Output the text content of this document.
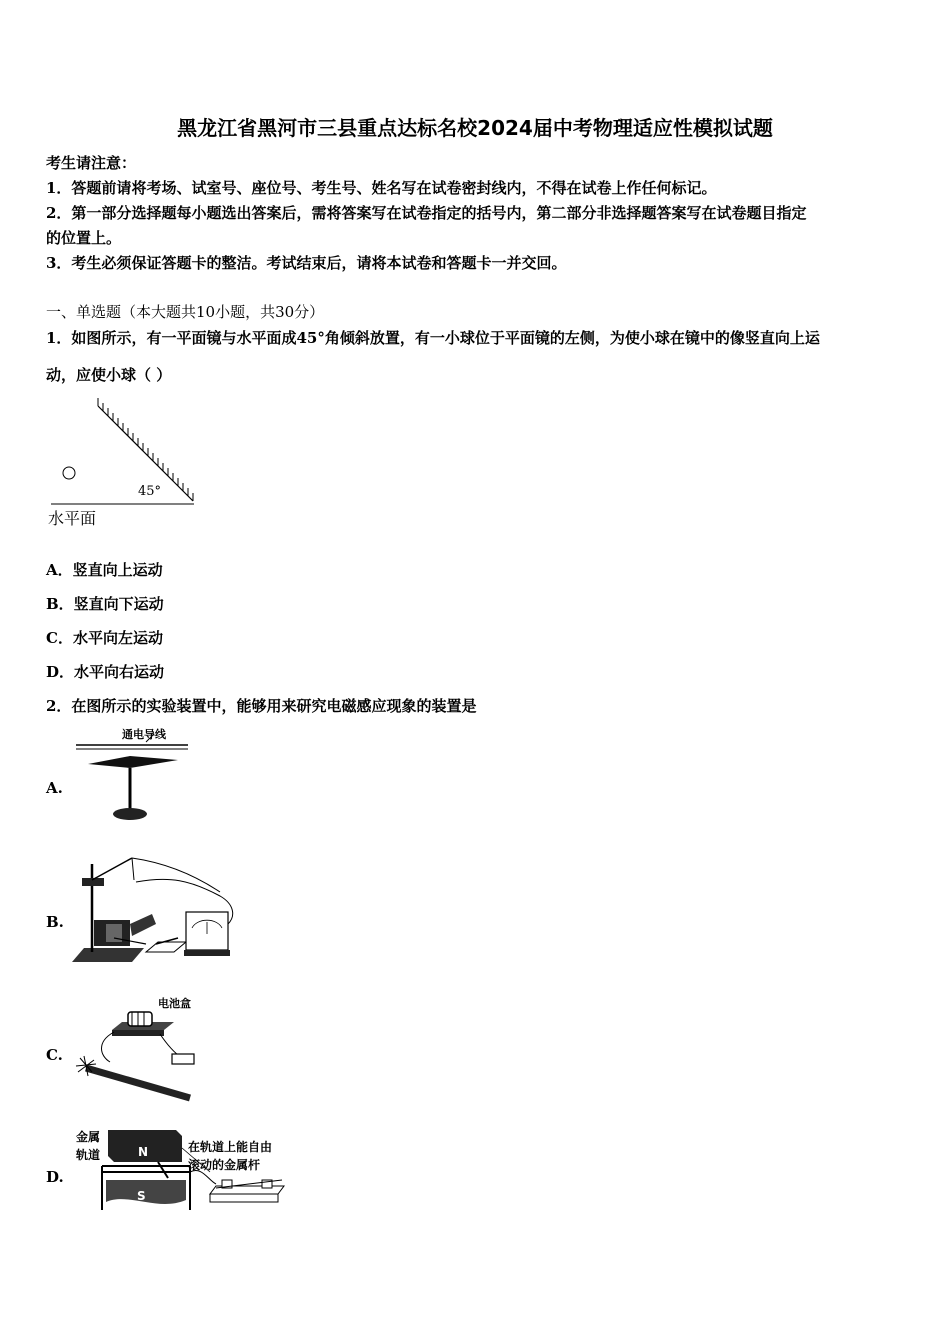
黑龙江省黑河市三县重点达标名校2024届中考物理适应性模拟试题
考生请注意：
1．答题前请将考场、试室号、座位号、考生号、姓名写在试卷密封线内，不得在试卷上作任何标记。
2．第一部分选择题每小题选出答案后，需将答案写在试卷指定的括号内，第二部分非选择题答案写在试卷题目指定
的位置上。
3．考生必须保证答题卡的整洁。考试结束后，请将本试卷和答题卡一并交回。
一、单选题（本大题共10小题，共30分）
1．如图所示，有一平面镜与水平面成45°角倾斜放置，有一小球位于平面镜的左侧，为使小球在镜中的像竖直向上运
动，应使小球（ ）
45°
水平面
A．竖直向上运动
B．竖直向下运动
C．水平向左运动
D．水平向右运动
2．在图所示的实验装置中，能够用来研究电磁感应现象的装置是
A.
通电导线
B.
C.
电池盒
D.
金属
轨道	N
S
在轨道上能自由
滚动的金属杆
